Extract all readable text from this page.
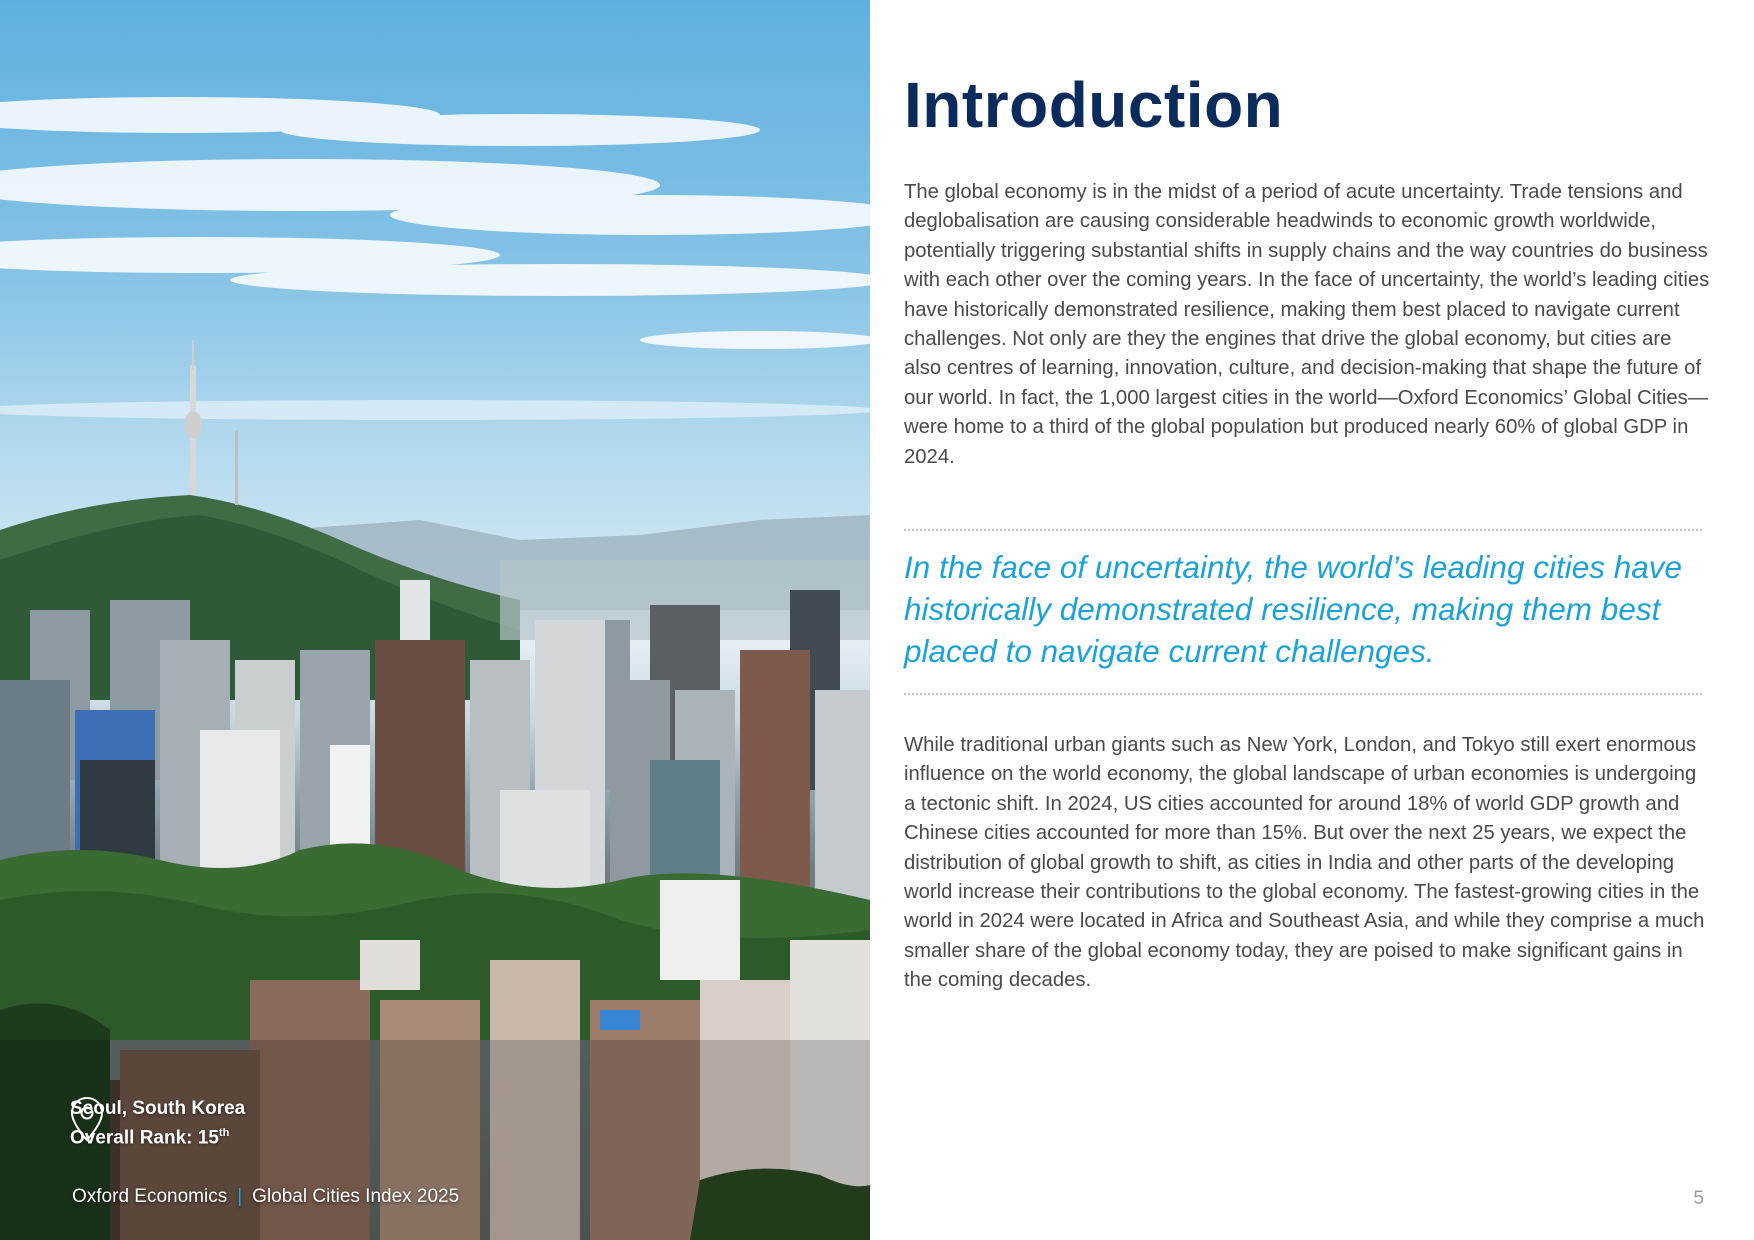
Seoul, South Korea
Overall Rank: 15th
Oxford Economics | Global Cities Index 2025
Introduction

The global economy is in the midst of a period of acute uncertainty. Trade tensions and deglobalisation are causing considerable headwinds to economic growth worldwide, potentially triggering substantial shifts in supply chains and the way countries do business with each other over the coming years. In the face of uncertainty, the world’s leading cities have historically demonstrated resilience, making them best placed to navigate current challenges. Not only are they the engines that drive the global economy, but cities are also centres of learning, innovation, culture, and decision-making that shape the future of our world. In fact, the 1,000 largest cities in the world—Oxford Economics’ Global Cities—were home to a third of the global population but produced nearly 60% of global GDP in 2024.

In the face of uncertainty, the world’s leading cities have historically demonstrated resilience, making them best placed to navigate current challenges.

While traditional urban giants such as New York, London, and Tokyo still exert enormous influence on the world economy, the global landscape of urban economies is undergoing a tectonic shift. In 2024, US cities accounted for around 18% of world GDP growth and Chinese cities accounted for more than 15%. But over the next 25 years, we expect the distribution of global growth to shift, as cities in India and other parts of the developing world increase their contributions to the global economy. The fastest-growing cities in the world in 2024 were located in Africa and Southeast Asia, and while they comprise a much smaller share of the global economy today, they are poised to make significant gains in the coming decades.

5
